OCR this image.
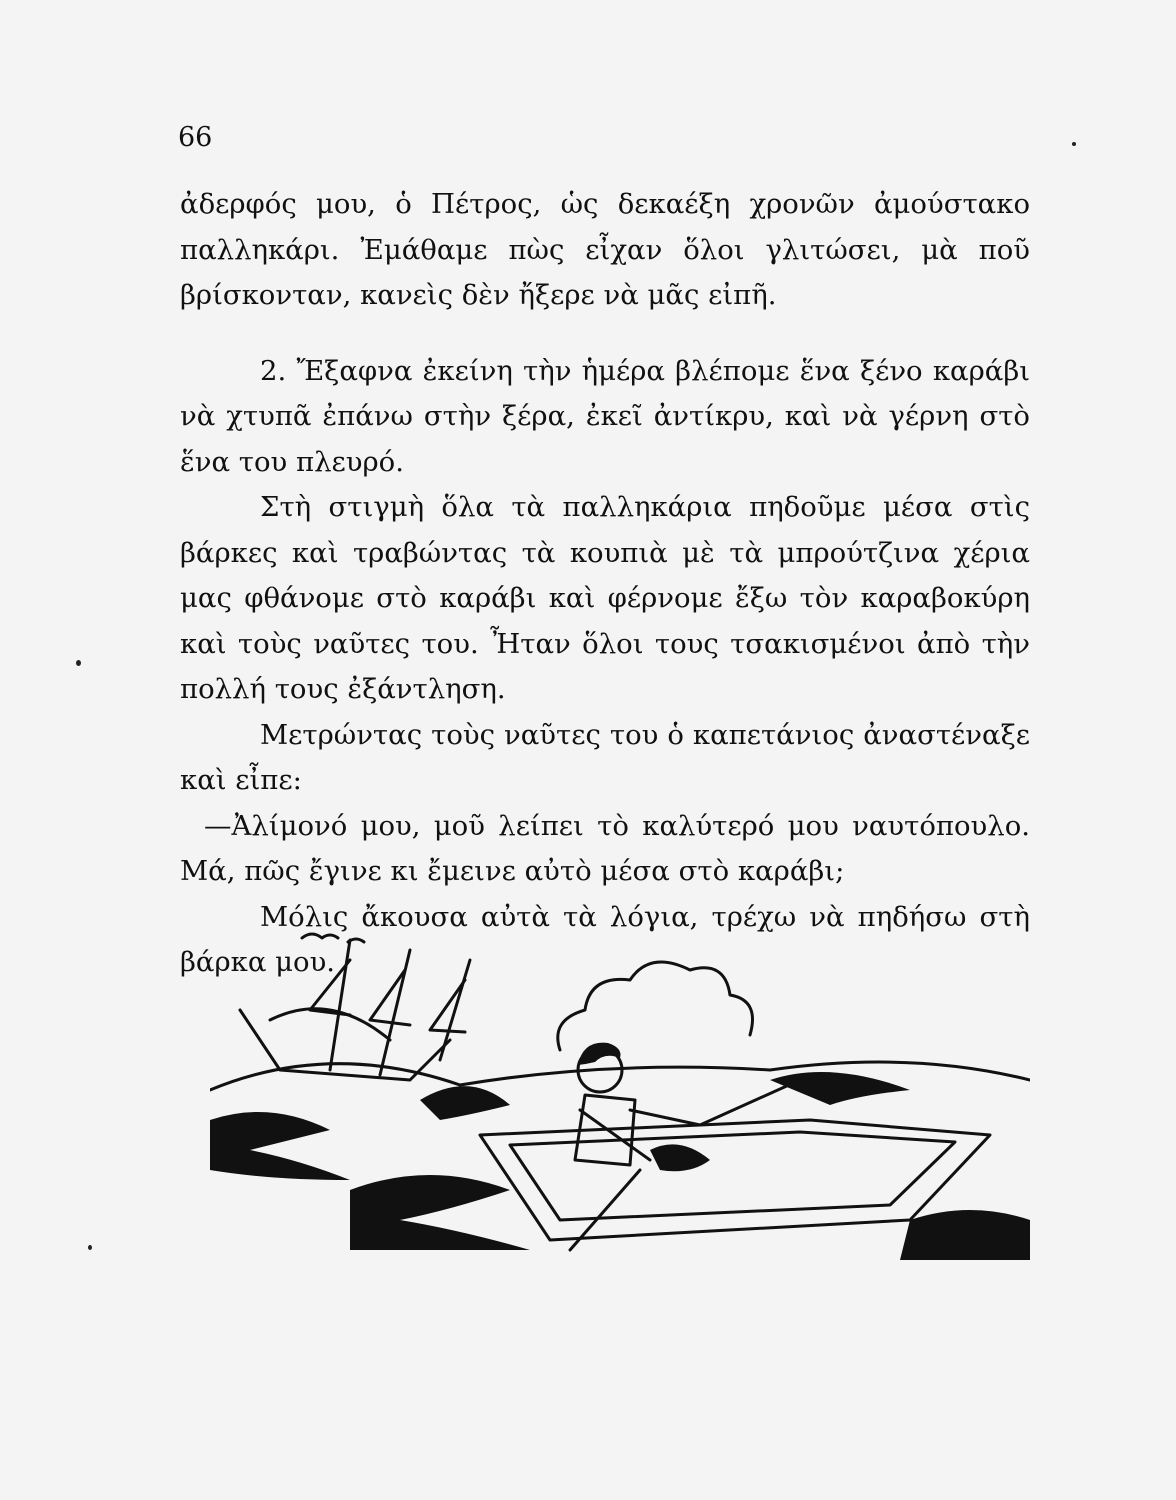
66

ἀδερφός μου, ὁ Πέτρος, ὡς δεκαέξη χρονῶν ἀμούστακο παλληκάρι. Ἐμάθαμε πὼς εἶχαν ὅλοι γλιτώσει, μὰ ποῦ βρίσκονταν, κανεὶς δὲν ἤξερε νὰ μᾶς εἰπῆ.

2. Ἔξαφνα ἐκείνη τὴν ἡμέρα βλέπομε ἕνα ξένο καράβι νὰ χτυπᾶ ἐπάνω στὴν ξέρα, ἐκεῖ ἀντίκρυ, καὶ νὰ γέρνη στὸ ἕνα του πλευρό.

Στὴ στιγμὴ ὅλα τὰ παλληκάρια πηδοῦμε μέσα στὶς βάρκες καὶ τραβώντας τὰ κουπιὰ μὲ τὰ μπρούτζινα χέρια μας φθάνομε στὸ καράβι καὶ φέρνομε ἔξω τὸν καραβοκύρη καὶ τοὺς ναῦτες του. Ἦταν ὅλοι τους τσακισμένοι ἀπὸ τὴν πολλή τους ἐξάντληση.

Μετρώντας τοὺς ναῦτες του ὁ καπετάνιος ἀναστέναξε καὶ εἶπε:

—Ἀλίμονό μου, μοῦ λείπει τὸ καλύτερό μου ναυτόπουλο. Μά, πῶς ἔγινε κι ἔμεινε αὐτὸ μέσα στὸ καράβι;

Μόλις ἄκουσα αὐτὰ τὰ λόγια, τρέχω νὰ πηδήσω στὴ βάρκα μου.
